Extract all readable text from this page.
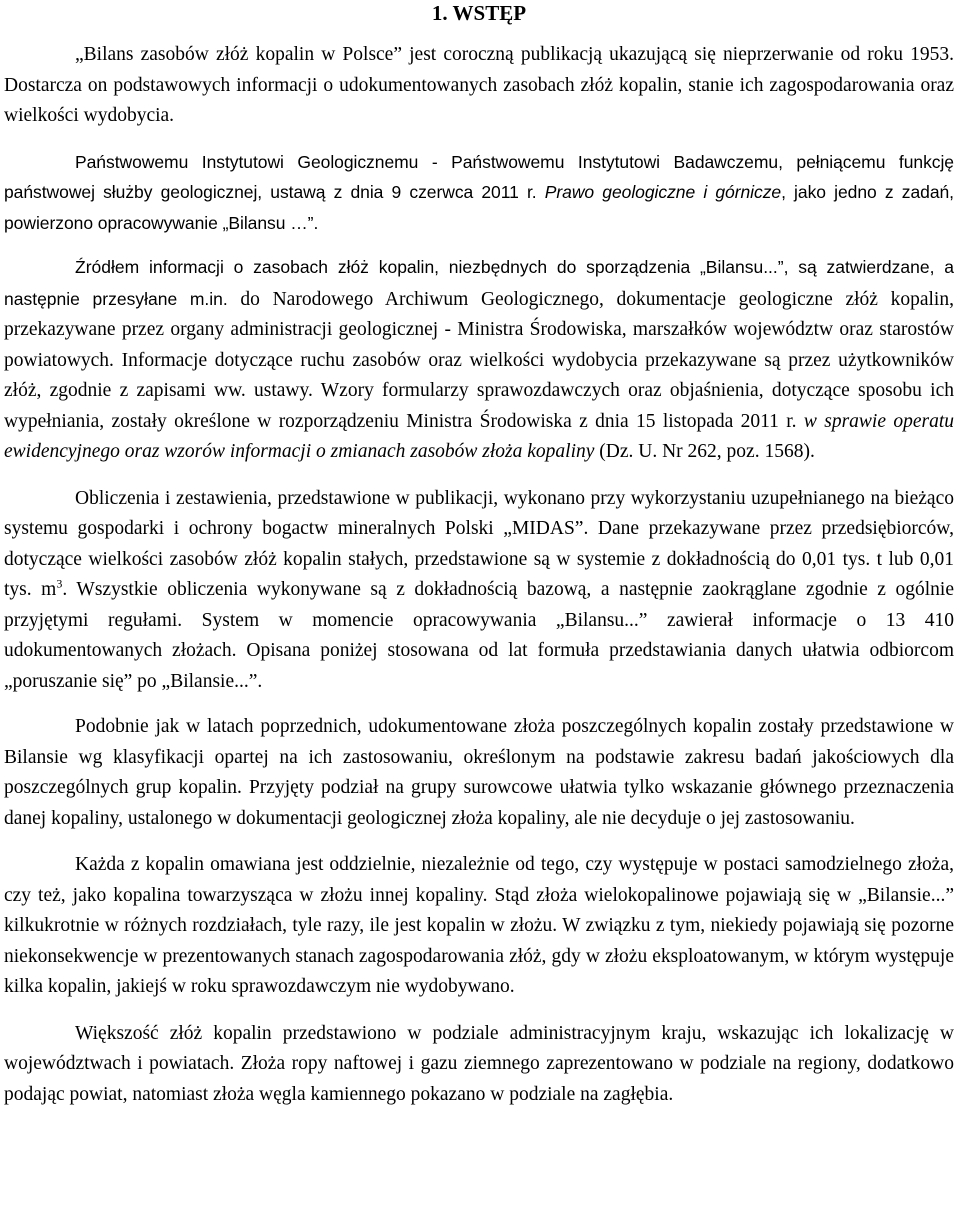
1. WSTĘP

„Bilans zasobów złóż kopalin w Polsce” jest coroczną publikacją ukazującą się nieprzerwanie od roku 1953. Dostarcza on podstawowych informacji o udokumentowanych zasobach złóż kopalin, stanie ich zagospodarowania oraz wielkości wydobycia.

Państwowemu Instytutowi Geologicznemu - Państwowemu Instytutowi Badawczemu, pełniącemu funkcję państwowej służby geologicznej, ustawą z dnia 9 czerwca 2011 r. Prawo geologiczne i górnicze, jako jedno z zadań, powierzono opracowywanie „Bilansu …”.

Źródłem informacji o zasobach złóż kopalin, niezbędnych do sporządzenia „Bilansu...”, są zatwierdzane, a następnie przesyłane m.in. do Narodowego Archiwum Geologicznego, dokumentacje geologiczne złóż kopalin, przekazywane przez organy administracji geologicznej - Ministra Środowiska, marszałków województw oraz starostów powiatowych. Informacje dotyczące ruchu zasobów oraz wielkości wydobycia przekazywane są przez użytkowników złóż, zgodnie z zapisami ww. ustawy. Wzory formularzy sprawozdawczych oraz objaśnienia, dotyczące sposobu ich wypełniania, zostały określone w rozporządzeniu Ministra Środowiska z dnia 15 listopada 2011 r. w sprawie operatu ewidencyjnego oraz wzorów informacji o zmianach zasobów złoża kopaliny (Dz. U. Nr 262, poz. 1568).

Obliczenia i zestawienia, przedstawione w publikacji, wykonano przy wykorzystaniu uzupełnianego na bieżąco systemu gospodarki i ochrony bogactw mineralnych Polski „MIDAS”. Dane przekazywane przez przedsiębiorców, dotyczące wielkości zasobów złóż kopalin stałych, przedstawione są w systemie z dokładnością do 0,01 tys. t lub 0,01 tys. $m^3$. Wszystkie obliczenia wykonywane są z dokładnością bazową, a następnie zaokrąglane zgodnie z ogólnie przyjętymi regułami. System w momencie opracowywania „Bilansu...” zawierał informacje o 13 410 udokumentowanych złożach. Opisana poniżej stosowana od lat formuła przedstawiania danych ułatwia odbiorcom „poruszanie się” po „Bilansie...”.

Podobnie jak w latach poprzednich, udokumentowane złoża poszczególnych kopalin zostały przedstawione w Bilansie wg klasyfikacji opartej na ich zastosowaniu, określonym na podstawie zakresu badań jakościowych dla poszczególnych grup kopalin. Przyjęty podział na grupy surowcowe ułatwia tylko wskazanie głównego przeznaczenia danej kopaliny, ustalonego w dokumentacji geologicznej złoża kopaliny, ale nie decyduje o jej zastosowaniu.

Każda z kopalin omawiana jest oddzielnie, niezależnie od tego, czy występuje w postaci samodzielnego złoża, czy też, jako kopalina towarzysząca w złożu innej kopaliny. Stąd złoża wielokopalinowe pojawiają się w „Bilansie...” kilkukrotnie w różnych rozdziałach, tyle razy, ile jest kopalin w złożu. W związku z tym, niekiedy pojawiają się pozorne niekonsekwencje w prezentowanych stanach zagospodarowania złóż, gdy w złożu eksploatowanym, w którym występuje kilka kopalin, jakiejś w roku sprawozdawczym nie wydobywano.

Większość złóż kopalin przedstawiono w podziale administracyjnym kraju, wskazując ich lokalizację w województwach i powiatach. Złoża ropy naftowej i gazu ziemnego zaprezentowano w podziale na regiony, dodatkowo podając powiat, natomiast złoża węgla kamiennego pokazano w podziale na zagłębia.
